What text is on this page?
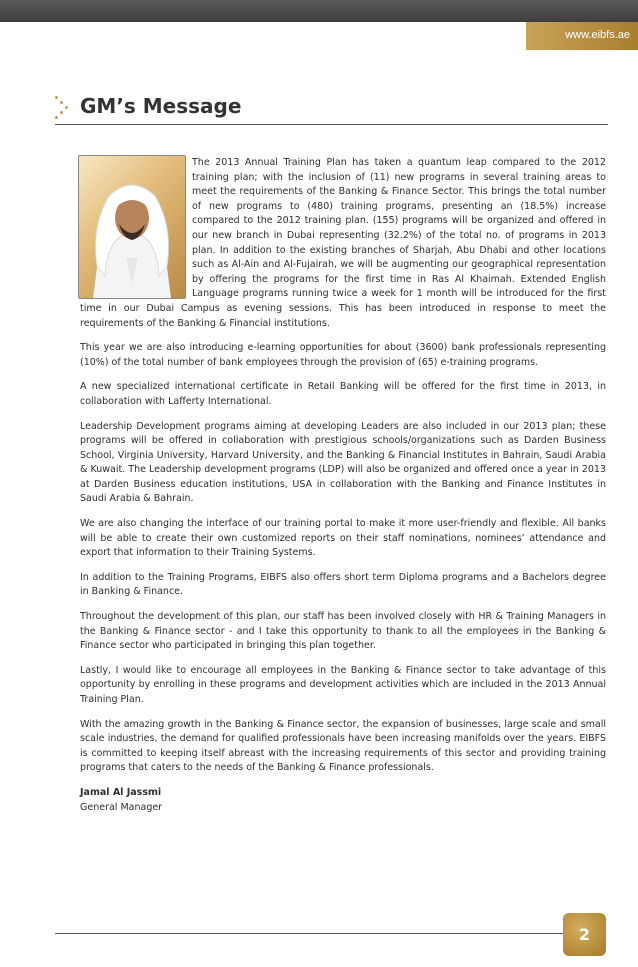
www.eibfs.ae
GM’s Message

The 2013 Annual Training Plan has taken a quantum leap compared to the 2012 training plan; with the inclusion of (11) new programs in several training areas to meet the requirements of the Banking & Finance Sector. This brings the total number of new programs to (480) training programs, presenting an (18.5%) increase compared to the 2012 training plan. (155) programs will be organized and offered in our new branch in Dubai representing (32.2%) of the total no. of programs in 2013 plan. In addition to the existing branches of Sharjah, Abu Dhabi and other locations such as Al-Ain and Al-Fujairah, we will be augmenting our geographical representation by offering the programs for the first time in Ras Al Khaimah. Extended English Language programs running twice a week for 1 month will be introduced for the first time in our Dubai Campus as evening sessions. This has been introduced in response to meet the requirements of the Banking & Financial institutions.

This year we are also introducing e-learning opportunities for about (3600) bank professionals representing (10%) of the total number of bank employees through the provision of (65) e-training programs.

A new specialized international certificate in Retail Banking will be offered for the first time in 2013, in collaboration with Lafferty International.

Leadership Development programs aiming at developing Leaders are also included in our 2013 plan; these programs will be offered in collaboration with prestigious schools/organizations such as Darden Business School, Virginia University, Harvard University, and the Banking & Financial Institutes in Bahrain, Saudi Arabia & Kuwait. The Leadership development programs (LDP) will also be organized and offered once a year in 2013 at Darden Business education institutions, USA in collaboration with the Banking and Finance Institutes in Saudi Arabia & Bahrain.

We are also changing the interface of our training portal to make it more user-friendly and flexible. All banks will be able to create their own customized reports on their staff nominations, nominees’ attendance and export that information to their Training Systems.

In addition to the Training Programs, EIBFS also offers short term Diploma programs and a Bachelors degree in Banking & Finance.

Throughout the development of this plan, our staff has been involved closely with HR & Training Managers in the Banking & Finance sector - and I take this opportunity to thank to all the employees in the Banking & Finance sector who participated in bringing this plan together.

Lastly, I would like to encourage all employees in the Banking & Finance sector to take advantage of this opportunity by enrolling in these programs and development activities which are included in the 2013 Annual Training Plan.

With the amazing growth in the Banking & Finance sector, the expansion of businesses, large scale and small scale industries, the demand for qualified professionals have been increasing manifolds over the years. EIBFS is committed to keeping itself abreast with the increasing requirements of this sector and providing training programs that caters to the needs of the Banking & Finance professionals.

Jamal Al Jassmi
General Manager
2
